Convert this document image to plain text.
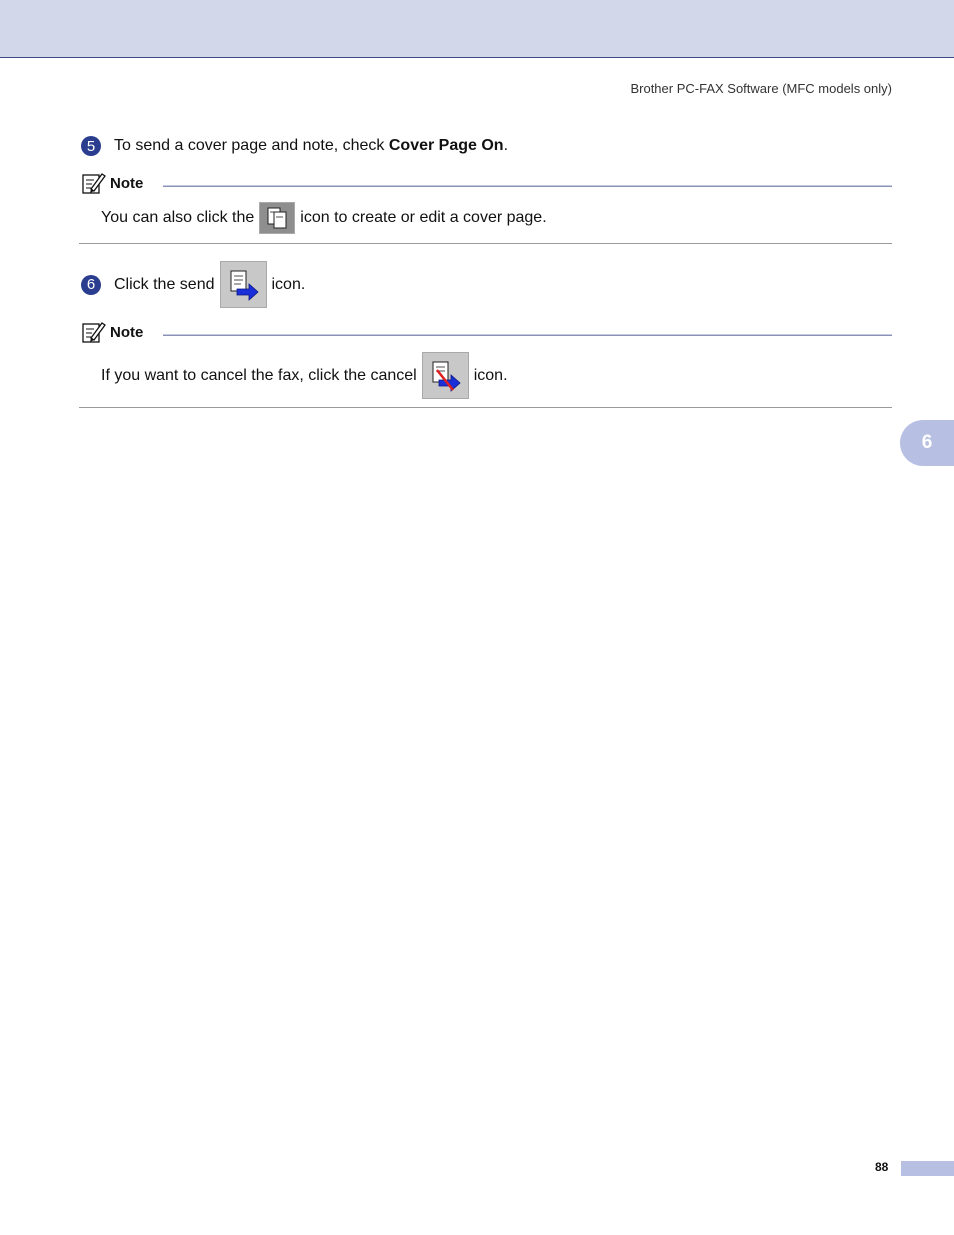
Brother PC-FAX Software (MFC models only)
5	To send a cover page and note, check Cover Page On.
Note
You can also click the	icon to create or edit a cover page.
6	Click the send	icon.
Note
If you want to cancel the fax, click the cancel	icon.
6
88
